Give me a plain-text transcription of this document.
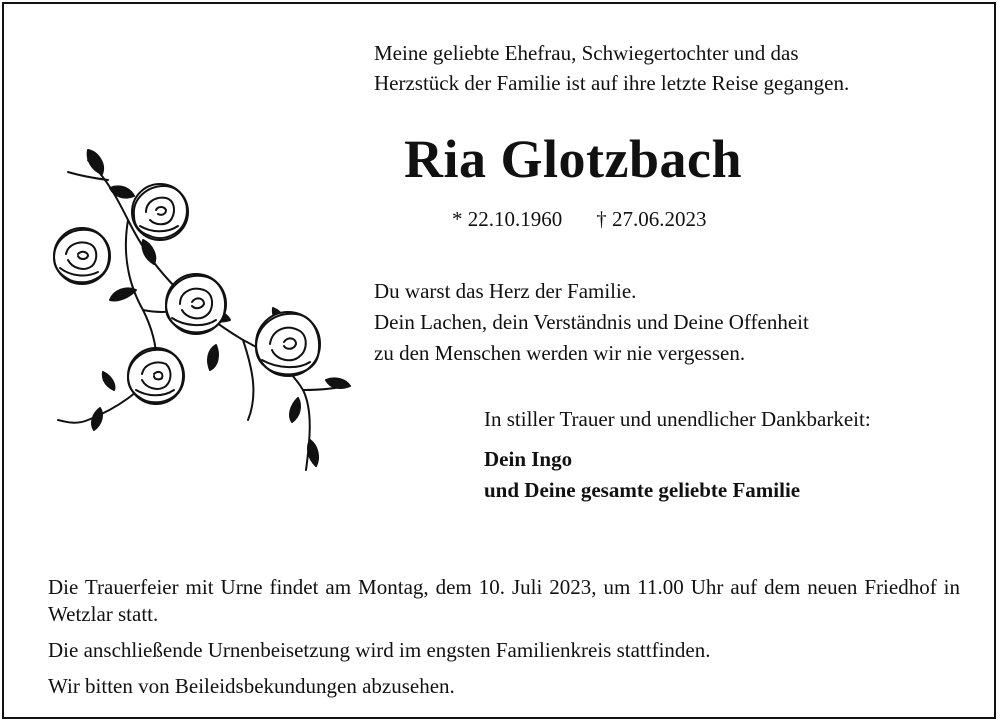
Meine geliebte Ehefrau, Schwiegertochter und das
Herzstück der Familie ist auf ihre letzte Reise gegangen.
Ria Glotzbach
* 22.10.1960 † 27.06.2023
Du warst das Herz der Familie.
Dein Lachen, dein Verständnis und Deine Offenheit
zu den Menschen werden wir nie vergessen.
In stiller Trauer und unendlicher Dankbarkeit:
Dein Ingo
und Deine gesamte geliebte Familie

Die Trauerfeier mit Urne findet am Montag, dem 10. Juli 2023, um 11.00 Uhr auf dem neuen Friedhof in Wetzlar statt.

Die anschließende Urnenbeisetzung wird im engsten Familienkreis stattfinden.

Wir bitten von Beileidsbekundungen abzusehen.
